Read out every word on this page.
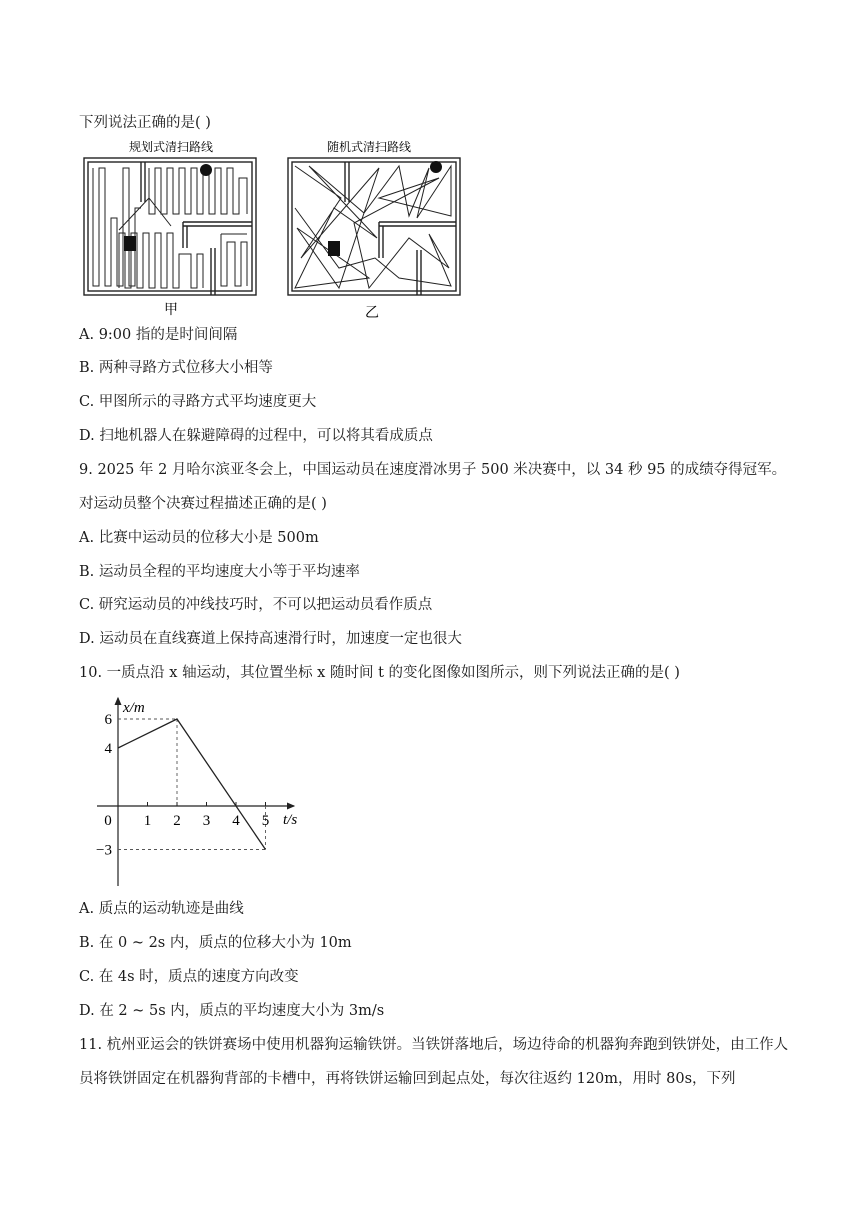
下列说法正确的是( )
规划式清扫路线	随机式清扫路线
甲	乙
A. 9:00 指的是时间间隔
B. 两种寻路方式位移大小相等
C. 甲图所示的寻路方式平均速度更大
D. 扫地机器人在躲避障碍的过程中，可以将其看成质点
9. 2025 年 2 月哈尔滨亚冬会上，中国运动员在速度滑冰男子 500 米决赛中，以 34 秒 95 的成绩夺得冠军。
对运动员整个决赛过程描述正确的是( )
A. 比赛中运动员的位移大小是 500m
B. 运动员全程的平均速度大小等于平均速率
C. 研究运动员的冲线技巧时，不可以把运动员看作质点
D. 运动员在直线赛道上保持高速滑行时，加速度一定也很大
10. 一质点沿 x 轴运动，其位置坐标 x 随时间 t 的变化图像如图所示，则下列说法正确的是( )
t/s
x/m
0 1 2 3 4 5
6
4
−3
A. 质点的运动轨迹是曲线
B. 在 0 ~ 2s 内，质点的位移大小为 10m
C. 在 4s 时，质点的速度方向改变
D. 在 2 ~ 5s 内，质点的平均速度大小为 3m/s
11. 杭州亚运会的铁饼赛场中使用机器狗运输铁饼。当铁饼落地后，场边待命的机器狗奔跑到铁饼处，由工作人员将铁饼固定在机器狗背部的卡槽中，再将铁饼运输回到起点处，每次往返约 120m，用时 80s，下列
